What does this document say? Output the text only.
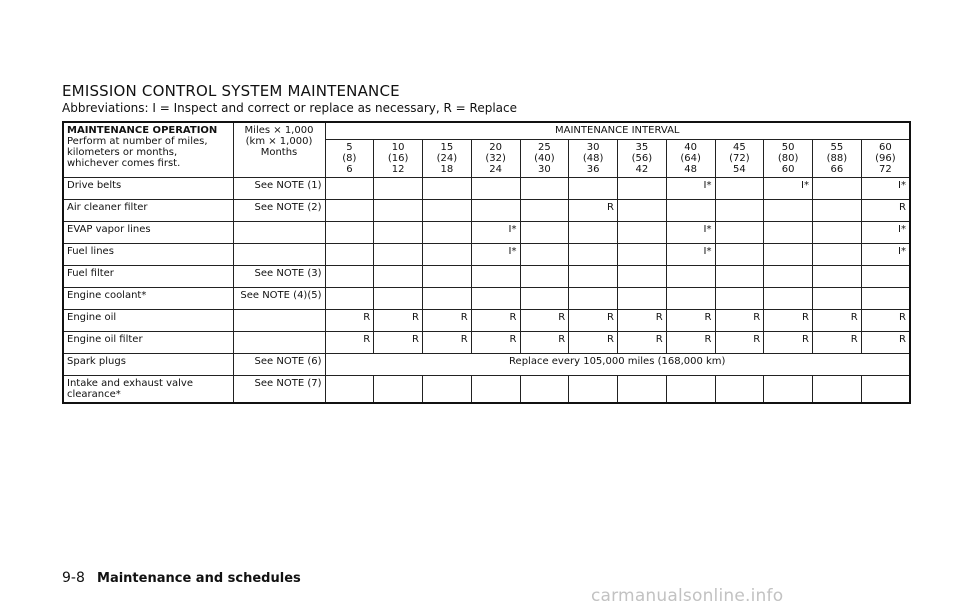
EMISSION CONTROL SYSTEM MAINTENANCE

Abbreviations: I = Inspect and correct or replace as necessary, R = Replace

MAINTENANCE OPERATION
Perform at number of miles, kilometers or months, whichever comes first.	Miles × 1,000
(km × 1,000)
Months	MAINTENANCE INTERVAL											

		5
(8)
6	10
(16)
12	15
(24)
18	20
(32)
24	25
(40)
30	30
(48)
36	35
(56)
42	40
(64)
48	45
(72)
54	50
(80)
60	55
(88)
66	60
(96)
72

Drive belts	See NOTE (1)								I*		I*		I*
Air cleaner filter	See NOTE (2)						R						R
EVAP vapor lines					I*				I*				I*
Fuel lines					I*				I*				I*
Fuel filter	See NOTE (3)												
Engine coolant*	See NOTE (4)(5)												
Engine oil		R	R	R	R	R	R	R	R	R	R	R	R
Engine oil filter		R	R	R	R	R	R	R	R	R	R	R	R
Spark plugs	See NOTE (6)	Replace every 105,000 miles (168,000 km)											
Intake and exhaust valve clearance*	See NOTE (7)												
9-8 Maintenance and schedules
carmanualsonline.info
